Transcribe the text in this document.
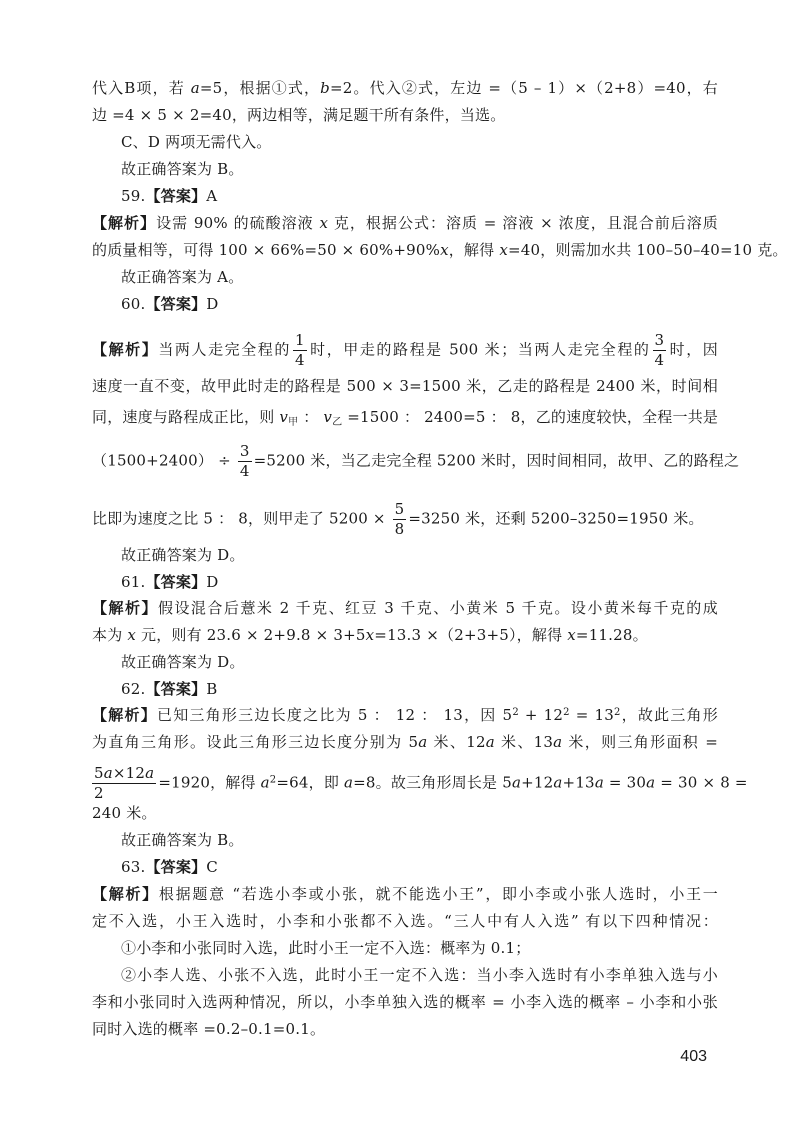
代入B项，若 a=5，根据①式，b=2。代入②式，左边 =（5 – 1）×（2+8）=40，右
边 =4 × 5 × 2=40，两边相等，满足题干所有条件，当选。
C、D 两项无需代入。
故正确答案为 B。
59.【答案】A
【解析】设需 90% 的硫酸溶液 x 克，根据公式：溶质 = 溶液 × 浓度，且混合前后溶质
的质量相等，可得 100 × 66%=50 × 60%+90%x，解得 x=40，则需加水共 100–50–40=10 克。
故正确答案为 A。
60.【答案】D
【解析】当两人走完全程的 $\frac{1}{4}$ 时，甲走的路程是 500 米；当两人走完全程的 $\frac{3}{4}$ 时，因
速度一直不变，故甲此时走的路程是 500 × 3=1500 米，乙走的路程是 2400 米，时间相
同，速度与路程成正比，则 $v_甲$ ： $v_乙 =1500$ ： 2400=5 ： 8，乙的速度较快，全程一共是
$(1500+2400) \div \frac{3}{4} =5200$ 米，当乙走完全程 5200 米时，因时间相同，故甲、乙的路程之
比即为速度之比 5 ： 8，则甲走了 $5200 \times \frac{5}{8} =3250$ 米，还剩 5200–3250=1950 米。
故正确答案为 D。
61.【答案】D
【解析】假设混合后薏米 2 千克、红豆 3 千克、小黄米 5 千克。设小黄米每千克的成
本为 x 元，则有 23.6 × 2+9.8 × 3+5x=13.3 ×（2+3+5），解得 x=11.28。
故正确答案为 D。
62.【答案】B
【解析】已知三角形三边长度之比为 5 ： 12 ： 13，因 $5^2 + 12^2 = 13^2$，故此三角形
为直角三角形。设此三角形三边长度分别为 5a 米、12a 米、13a 米，则三角形面积 =
$\frac{5a\times 12a}{2} =1920$，解得 $a^2=64$，即 a=8。故三角形周长是 5a+12a+13a = 30a = 30 × 8 =
240 米。
故正确答案为 B。
63.【答案】C
【解析】根据题意 “若选小李或小张，就不能选小王”，即小李或小张人选时，小王一
定不入选，小王入选时，小李和小张都不入选。“三人中有人入选” 有以下四种情况：
①小李和小张同时入选，此时小王一定不入选：概率为 0.1；
②小李人选、小张不入选，此时小王一定不入选：当小李入选时有小李单独入选与小
李和小张同时入选两种情况，所以，小李单独入选的概率 = 小李入选的概率 – 小李和小张
同时入选的概率 =0.2–0.1=0.1。
403
